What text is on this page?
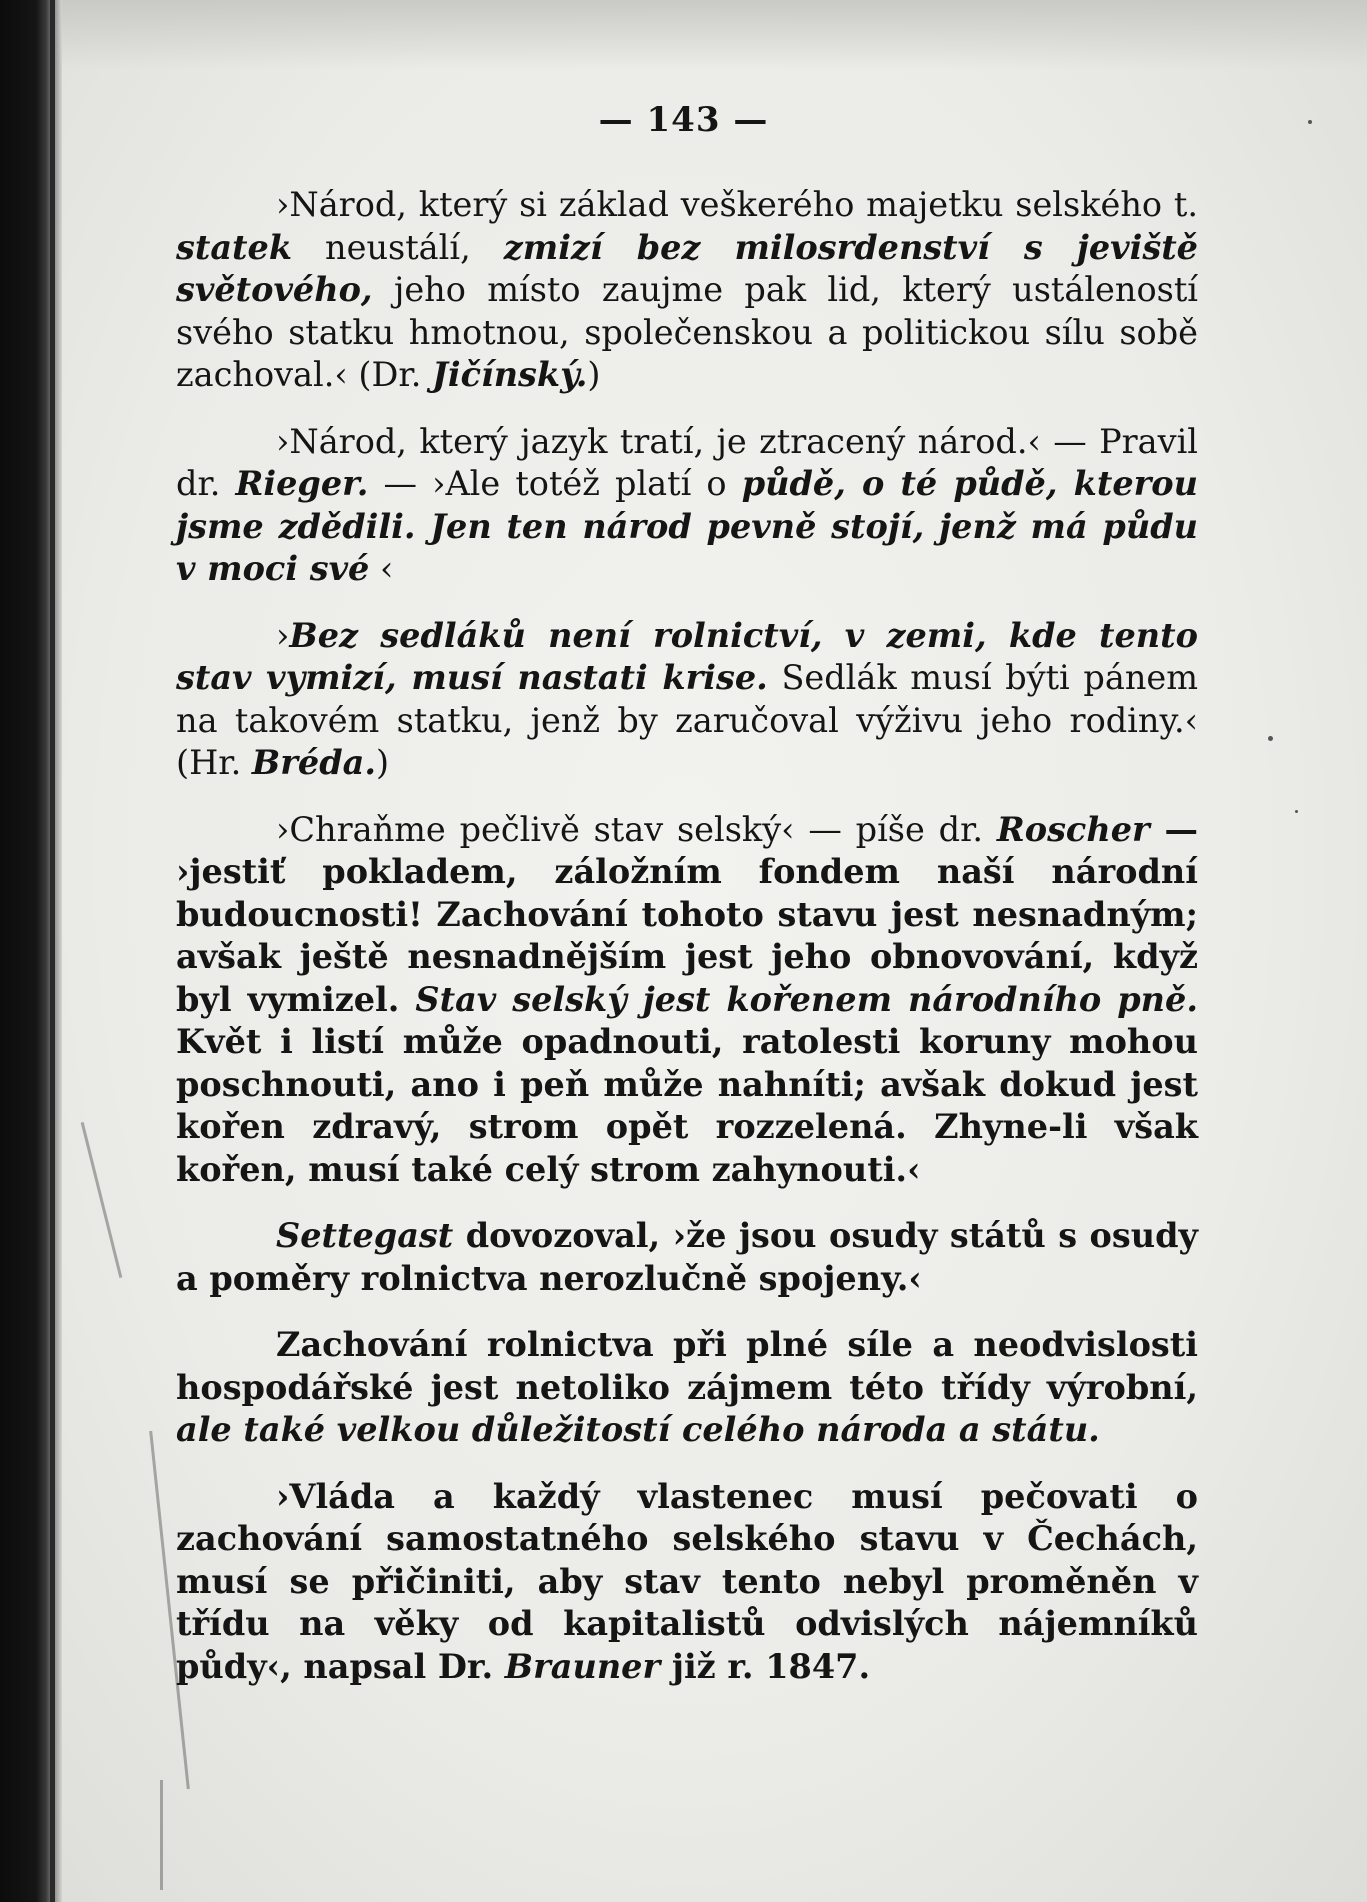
— 143 —

›Národ, který si základ veškerého majetku selského t. statek neustálí, zmizí bez milosrdenství s jeviště světového, jeho místo zaujme pak lid, který ustáleností svého statku hmotnou, společenskou a politickou sílu sobě zachoval.‹ (Dr. Jičínský.)

›Národ, který jazyk tratí, je ztracený národ.‹ — Pravil dr. Rieger. — ›Ale totéž platí o půdě, o té půdě, kterou jsme zdědili. Jen ten národ pevně stojí, jenž má půdu v moci své ‹

›Bez sedláků není rolnictví, v zemi, kde tento stav vymizí, musí nastati krise. Sedlák musí býti pánem na takovém statku, jenž by zaručoval výživu jeho rodiny.‹ (Hr. Bréda.)

›Chraňme pečlivě stav selský‹ — píše dr. Roscher — ›jestiť pokladem, záložním fondem naší národní budoucnosti! Zachování tohoto stavu jest nesnadným; avšak ještě nesnadnějším jest jeho obnovování, když byl vymizel. Stav selský jest kořenem národního pně. Květ i listí může opadnouti, ratolesti koruny mohou poschnouti, ano i peň může nahníti; avšak dokud jest kořen zdravý, strom opět rozzelená. Zhyne-li však kořen, musí také celý strom zahynouti.‹

Settegast dovozoval, ›že jsou osudy států s osudy a poměry rolnictva nerozlučně spojeny.‹

Zachování rolnictva při plné síle a neodvislosti hospodářské jest netoliko zájmem této třídy výrobní, ale také velkou důležitostí celého národa a státu.

›Vláda a každý vlastenec musí pečovati o zachování samostatného selského stavu v Čechách, musí se přičiniti, aby stav tento nebyl proměněn v třídu na věky od kapitalistů odvislých nájemníků půdy‹, napsal Dr. Brauner již r. 1847.
